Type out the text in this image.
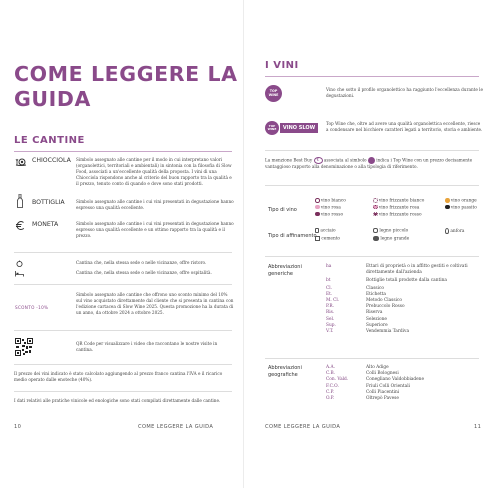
COME LEGGERE LA GUIDA
LE CANTINE
CHIOCCIOLA Simbolo assegnato alle cantine per il modo in cui interpretano valori (organolettici, territoriali e ambientali) in sintonia con la filosofia di Slow Food, associati a un'eccellente qualità della proposta. I vini di una Chiocciola rispondono anche al criterio del buon rapporto tra la qualità e il prezzo, tenuto conto di quando e dove sono stati prodotti.
BOTTIGLIA	Simbolo assegnato alle cantine i cui vini presentati in degustazione hanno espresso una qualità eccellente.
MONETA	Simbolo assegnato alle cantine i cui vini presentati in degustazione hanno espresso una qualità eccellente e un ottimo rapporto tra la qualità e il prezzo.
Cantina che, nella stessa sede o nelle vicinanze, offre ristoro.
Cantina che, nella stessa sede o nelle vicinanze, offre ospitalità.
SCONTO -10%
Simbolo assegnato alle cantine che offrono uno sconto minimo del 10% sul vino acquistato direttamente dal cliente che si presenta in cantina con l'edizione cartacea di Slow Wine 2025. Questa promozione ha la durata di un anno, da ottobre 2024 a ottobre 2025.
QR Code per visualizzare i video che raccontano le nostre visite in cantina.
Il prezzo dei vini indicato è stato calcolato aggiungendo al prezzo franco cantina l'IVA e il ricarico medio operato dalle enoteche (40%).
I dati relativi alle pratiche vinicole ed enologiche sono stati compilati direttamente dalle cantine.
10	COME LEGGERE LA GUIDA
I VINI
TOP WINE
Vino che sotto il profilo organolettico ha raggiunto l'eccellenza durante le degustazioni.
TOP WINE	VINO SLOW
Top Wine che, oltre ad avere una qualità organolettica eccellente, riesce a condensare nel bicchiere caratteri legati a territorio, storia e ambiente.
La menzione Best Buy € associata al simbolo indica i Top Wine con un prezzo decisamente vantaggioso rapporto alla denominazione o alla tipologia di riferimento.
Tipo di vino
vino bianco	vino frizzante bianco	vino orange
vino rosa	vino frizzante rosa	vino passito
vino rosso	vino frizzante rosso
Tipo di affinamento
acciaio	legno piccolo	anfora
cemento	legno grande
Abbreviazioni generiche
ha	Ettari di proprietà o in affitto gestiti e coltivati direttamente dall'azienda
bt	Bottiglie totali prodotte dalla cantina
Cl.	Classico
Et.	Etichetta
M. Cl.	Metodo Classico
P.R.	Prebuccolo Rosso
Ris.	Riserva
Sel.	Selezione
Sup.	Superiore
V.T.	Vendemmia Tardiva
Abbreviazioni geografiche
A.A.	Alto Adige
C.B.	Colli Bolognesi
Con. Vald.	Conegliano Valdobbiadene
F.C.O.	Friuli Colli Orientali
C.P.	Colli Piacentini
O.P.	Oltrepò Pavese
COME LEGGERE LA GUIDA	11
